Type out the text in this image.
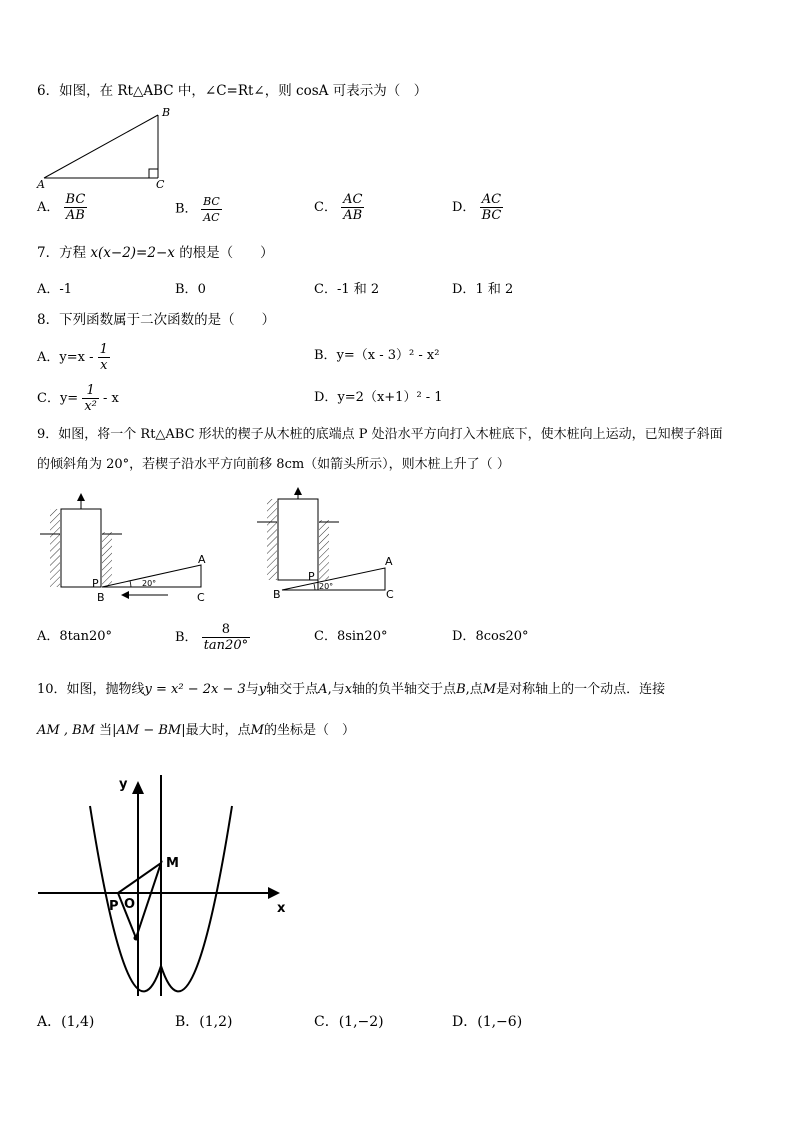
6．如图，在 Rt△ABC 中，∠C=Rt∠，则 cosA 可表示为（　）
A
B
C
A． $\frac{BC}{AB}$	B． $\frac{BC}{AC}$	C． $\frac{AC}{AB}$	D． $\frac{AC}{BC}$
7．方程 x(x−2)=2−x 的根是（　　）
A．-1	B．0	C．-1 和 2	D．1 和 2
8．下列函数属于二次函数的是（　　）
A．$y=x - \frac{1}{x}$	B．y=（x - 3）² - x²
C．$y= \frac{1}{\text{x²}} - x$	D．y=2（x+1）² - 1
9．如图，将一个 Rt△ABC 形状的楔子从木桩的底端点 P 处沿水平方向打入木桩底下，使木桩向上运动，已知楔子斜面
的倾斜角为 20°，若楔子沿水平方向前移 8cm（如箭头所示），则木桩上升了（ ）
P
B
A
C
20°
P
B
A
C
20°
A．8tan20°	B． $\frac{8}{\tan 20^\circ}$	C．8sin20°	D．8cos20°
10．如图，抛物线y = x² − 2x − 3与y轴交于点A,与x轴的负半轴交于点B,点M是对称轴上的一个动点．连接
AM , BM 当|AM − BM|最大时，点M的坐标是（　）
y
x
M
P O
A．(1,4)	B．(1,2)	C．(1,−2)	D．(1,−6)
